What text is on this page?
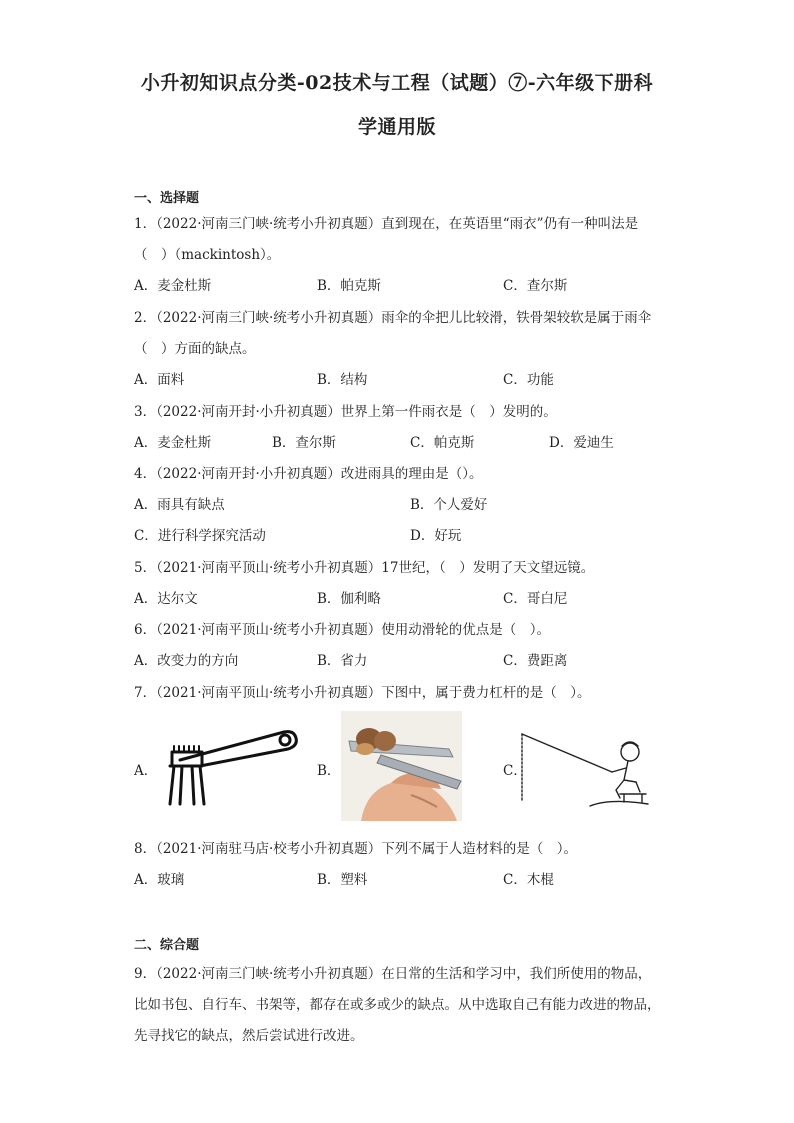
小升初知识点分类-02技术与工程（试题）⑦-六年级下册科
学通用版
一、选择题
1．（2022·河南三门峡·统考小升初真题）直到现在，在英语里“雨衣”仍有一种叫法是
（　）（mackintosh）。
A．麦金杜斯	B．帕克斯	C．查尔斯
2．（2022·河南三门峡·统考小升初真题）雨伞的伞把儿比较滑，铁骨架较软是属于雨伞
（　）方面的缺点。
A．面料	B．结构	C．功能
3．（2022·河南开封·小升初真题）世界上第一件雨衣是（　）发明的。
A．麦金杜斯	B．查尔斯	C．帕克斯	D．爱迪生
4．（2022·河南开封·小升初真题）改进雨具的理由是（）。
A．雨具有缺点	B．个人爱好
C．进行科学探究活动	D．好玩
5．（2021·河南平顶山·统考小升初真题）17世纪，（　）发明了天文望远镜。
A．达尔文	B．伽利略	C．哥白尼
6．（2021·河南平顶山·统考小升初真题）使用动滑轮的优点是（　）。
A．改变力的方向	B．省力	C．费距离
7．（2021·河南平顶山·统考小升初真题）下图中，属于费力杠杆的是（　）。
A．	B．	C．
8．（2021·河南驻马店·校考小升初真题）下列不属于人造材料的是（　）。
A．玻璃	B．塑料	C．木棍
二、综合题
9．（2022·河南三门峡·统考小升初真题）在日常的生活和学习中，我们所使用的物品，
比如书包、自行车、书架等，都存在或多或少的缺点。从中选取自己有能力改进的物品，
先寻找它的缺点，然后尝试进行改进。
